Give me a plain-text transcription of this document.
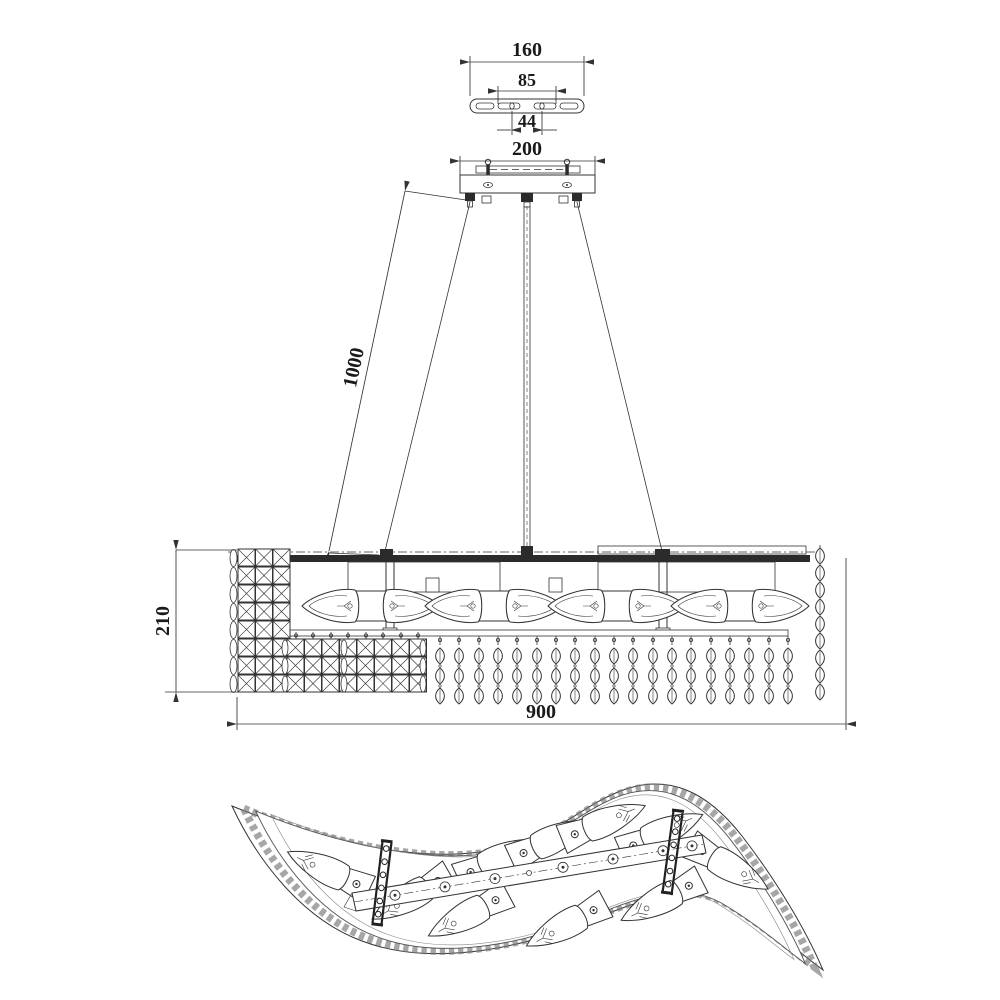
160
85
44
200
1000
210
900
